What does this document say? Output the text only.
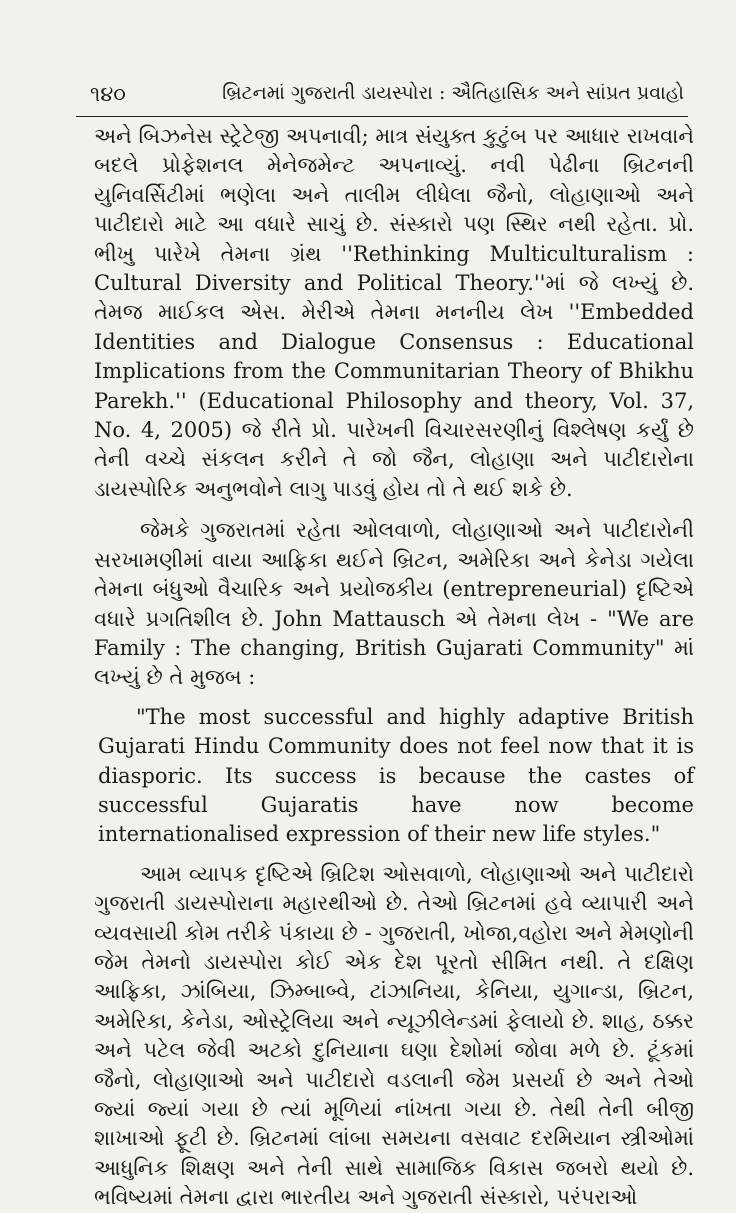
૧૪૦	બ્રિટનમાં ગુજરાતી ડાયસ્પોરા : ઐતિહાસિક અને સાંપ્રત પ્રવાહો

અને બિઝનેસ સ્ટ્રેટેજી અપનાવી; માત્ર સંયુક્ત કુટુંબ પર આધાર રાખવાને બદલે પ્રોફેશનલ મેનેજમેન્ટ અપનાવ્યું. નવી પેઢીના બ્રિટનની યુનિવર્સિટીમાં ભણેલા અને તાલીમ લીધેલા જૈનો, લોહાણાઓ અને પાટીદારો માટે આ વધારે સાચું છે. સંસ્કારો પણ સ્થિર નથી રહેતા. પ્રો. ભીખુ પારેખે તેમના ગ્રંથ ''Rethinking Multiculturalism : Cultural Diversity and Political Theory.''માં જે લખ્યું છે. તેમજ માઈકલ એસ. મેરીએ તેમના મનનીય લેખ ''Embedded Identities and Dialogue Consensus : Educational Implications from the Communitarian Theory of Bhikhu Parekh.'' (Educational Philosophy and theory, Vol. 37, No. 4, 2005) જે રીતે પ્રો. પારેખની વિચારસરણીનું વિશ્લેષણ કર્યું છે તેની વચ્ચે સંકલન કરીને તે જો જૈન, લોહાણા અને પાટીદારોના ડાયસ્પોરિક અનુભવોને લાગુ પાડવું હોય તો તે થઈ શકે છે.

જેમકે ગુજરાતમાં રહેતા ઓલવાળો, લોહાણાઓ અને પાટીદારોની સરખામણીમાં વાયા આફ્રિકા થઈને બ્રિટન, અમેરિકા અને કેનેડા ગયેલા તેમના બંધુઓ વૈચારિક અને પ્રયોજકીય (entrepreneurial) દૃષ્ટિએ વધારે પ્રગતિશીલ છે. John Mattausch એ તેમના લેખ - "We are Family : The changing, British Gujarati Community" માં લખ્યું છે તે મુજબ :

"The most successful and highly adaptive British Gujarati Hindu Community does not feel now that it is diasporic. Its success is because the castes of successful Gujaratis have now become internationalised expression of their new life styles."

આમ વ્યાપક દૃષ્ટિએ બ્રિટિશ ઓસવાળો, લોહાણાઓ અને પાટીદારો ગુજરાતી ડાયસ્પોરાના મહારથીઓ છે. તેઓ બ્રિટનમાં હવે વ્યાપારી અને વ્યવસાયી કોમ તરીકે પંકાયા છે - ગુજરાતી, ખોજા,વહોરા અને મેમણોની જેમ તેમનો ડાયસ્પોરા કોઈ એક દેશ પૂરતો સીમિત નથી. તે દક્ષિણ આફ્રિકા, ઝાંબિયા, ઝિમ્બાબ્વે, ટાંઝાનિયા, કેનિયા, યુગાન્ડા, બ્રિટન, અમેરિકા, કેનેડા, ઓસ્ટ્રેલિયા અને ન્યૂઝીલેન્ડમાં ફેલાયો છે. શાહ, ઠક્કર અને પટેલ જેવી અટકો દુનિયાના ઘણા દેશોમાં જોવા મળે છે. ટૂંકમાં જૈનો, લોહાણાઓ અને પાટીદારો વડલાની જેમ પ્રસર્યા છે અને તેઓ જ્યાં જ્યાં ગયા છે ત્યાં મૂળિયાં નાંખતા ગયા છે. તેથી તેની બીજી શાખાઓ ફૂટી છે. બ્રિટનમાં લાંબા સમયના વસવાટ દરમિયાન સ્ત્રીઓમાં આધુનિક શિક્ષણ અને તેની સાથે સામાજિક વિકાસ જબરો થયો છે. ભવિષ્યમાં તેમના દ્વારા ભારતીય અને ગુજરાતી સંસ્કારો, પરંપરાઓ
